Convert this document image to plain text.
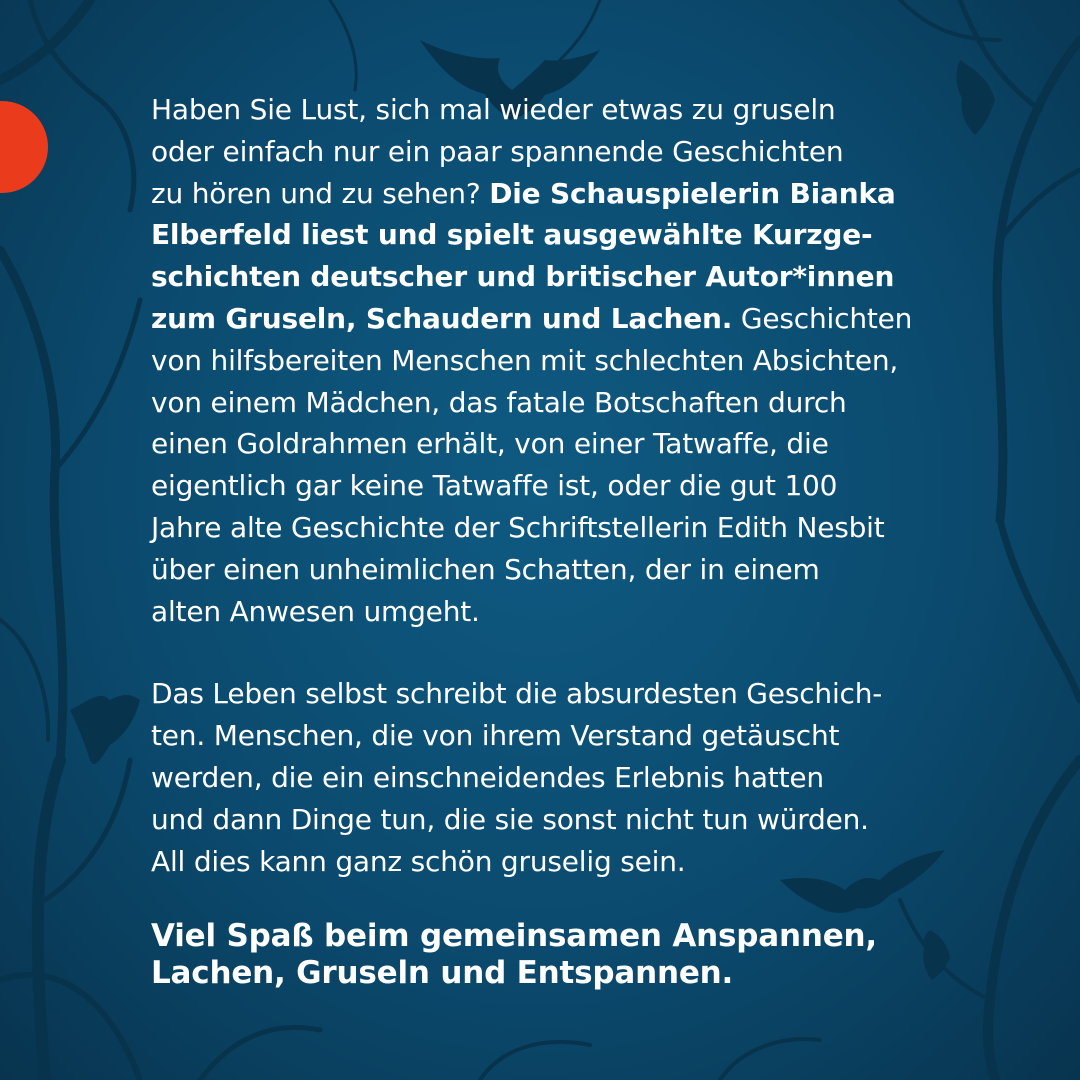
Haben Sie Lust, sich mal wieder etwas zu gruseln
oder einfach nur ein paar spannende Geschichten
zu hören und zu sehen? Die Schauspielerin Bianka
Elberfeld liest und spielt ausgewählte Kurzge-
schichten deutscher und britischer Autor*innen
zum Gruseln, Schaudern und Lachen. Geschichten
von hilfsbereiten Menschen mit schlechten Absichten,
von einem Mädchen, das fatale Botschaften durch
einen Goldrahmen erhält, von einer Tatwaffe, die
eigentlich gar keine Tatwaffe ist, oder die gut 100
Jahre alte Geschichte der Schriftstellerin Edith Nesbit
über einen unheimlichen Schatten, der in einem
alten Anwesen umgeht.

Das Leben selbst schreibt die absurdesten Geschich-
ten. Menschen, die von ihrem Verstand getäuscht
werden, die ein einschneidendes Erlebnis hatten
und dann Dinge tun, die sie sonst nicht tun würden.
All dies kann ganz schön gruselig sein.

Viel Spaß beim gemeinsamen Anspannen,
Lachen, Gruseln und Entspannen.
